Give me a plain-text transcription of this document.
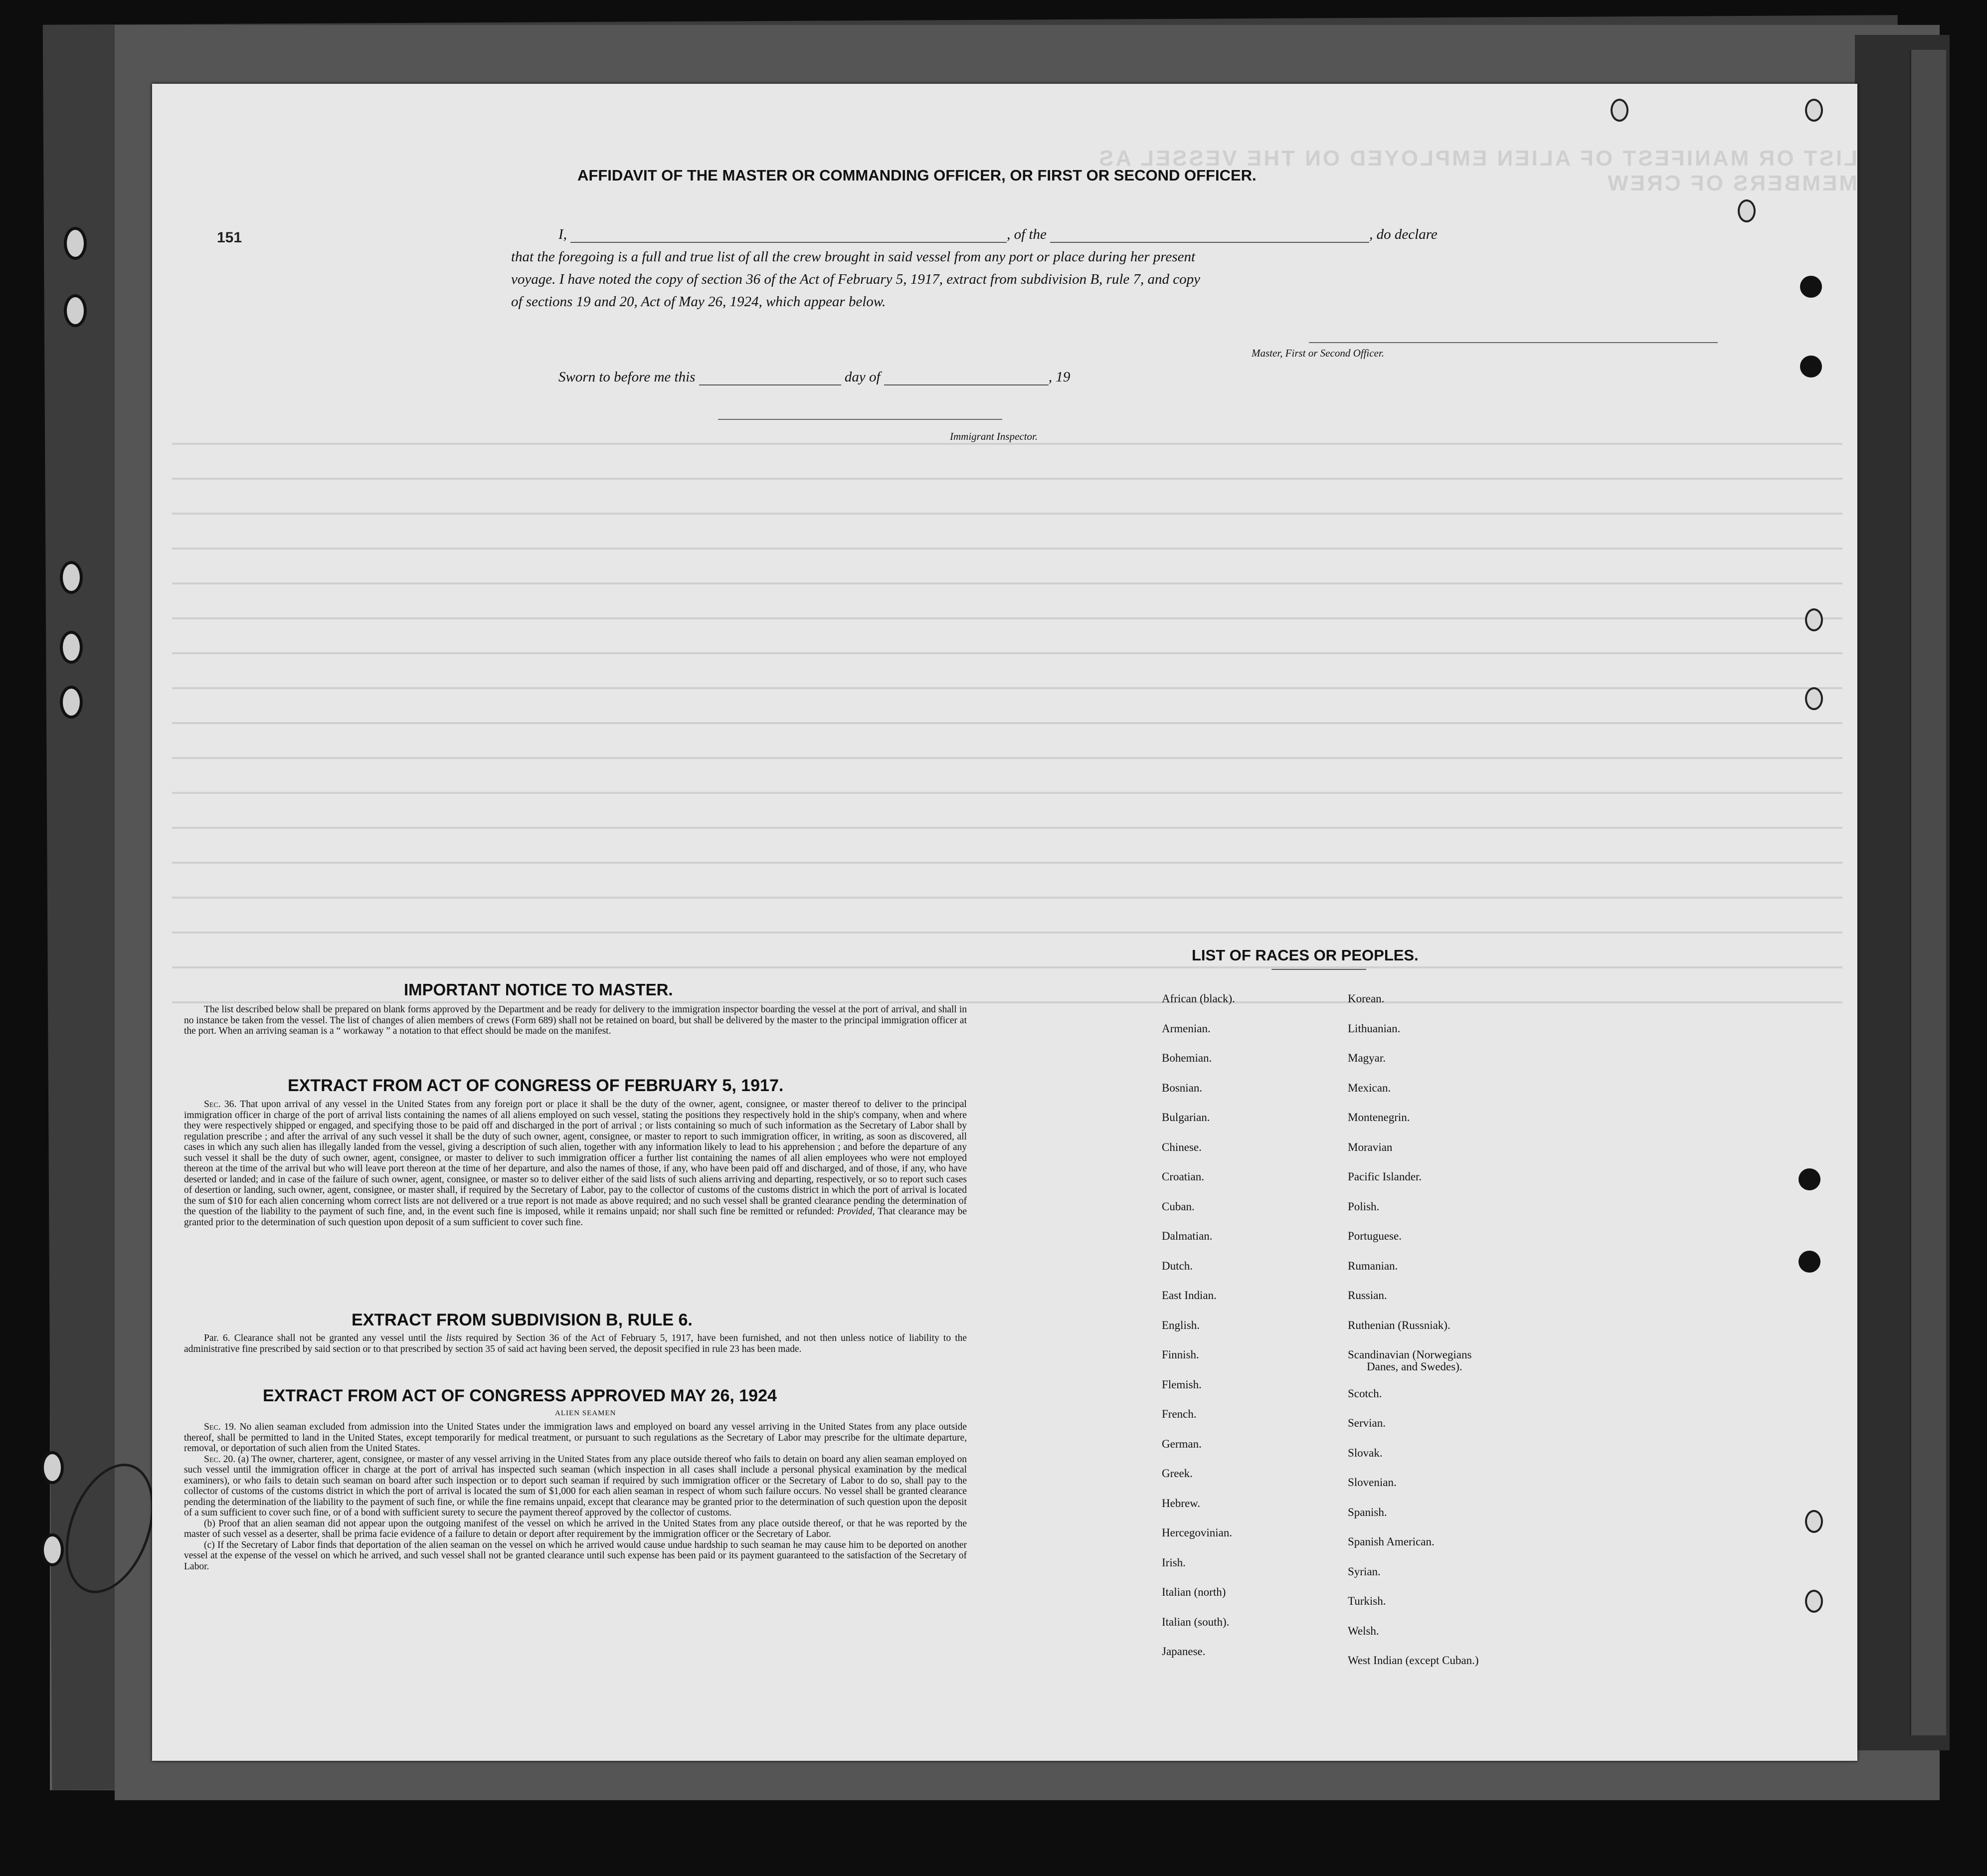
LIST OR MANIFEST OF ALIEN EMPLOYED ON THE VESSEL AS MEMBERS OF CREW
151
AFFIDAVIT OF THE MASTER OR COMMANDING OFFICER, OR FIRST OR SECOND OFFICER.
I,	, of the	, do declare
that the foregoing is a full and true list of all the crew brought in said vessel from any port or place during her present
voyage. I have noted the copy of section 36 of the Act of February 5, 1917, extract from subdivision B, rule 7, and copy
of sections 19 and 20, Act of May 26, 1924, which appear below.
Master, First or Second Officer.
Sworn to before me this	day of	, 19
Immigrant Inspector.
IMPORTANT NOTICE TO MASTER.

The list described below shall be prepared on blank forms approved by the Department and be ready for delivery to the immigration inspector boarding the vessel at the port of arrival, and shall in no instance be taken from the vessel. The list of changes of alien members of crews (Form 689) shall not be retained on board, but shall be delivered by the master to the principal immigration officer at the port. When an arriving seaman is a “ workaway ” a notation to that effect should be made on the manifest.

EXTRACT FROM ACT OF CONGRESS OF FEBRUARY 5, 1917.

Sec. 36. That upon arrival of any vessel in the United States from any foreign port or place it shall be the duty of the owner, agent, consignee, or master thereof to deliver to the principal immigration officer in charge of the port of arrival lists containing the names of all aliens employed on such vessel, stating the positions they respectively hold in the ship's company, when and where they were respectively shipped or engaged, and specifying those to be paid off and discharged in the port of arrival ; or lists containing so much of such information as the Secretary of Labor shall by regulation prescribe ; and after the arrival of any such vessel it shall be the duty of such owner, agent, consignee, or master to report to such immigration officer, in writing, as soon as discovered, all cases in which any such alien has illegally landed from the vessel, giving a description of such alien, together with any information likely to lead to his apprehension ; and before the departure of any such vessel it shall be the duty of such owner, agent, consignee, or master to deliver to such immigration officer a further list containing the names of all alien employees who were not employed thereon at the time of the arrival but who will leave port thereon at the time of her departure, and also the names of those, if any, who have been paid off and discharged, and of those, if any, who have deserted or landed; and in case of the failure of such owner, agent, consignee, or master so to deliver either of the said lists of such aliens arriving and departing, respectively, or so to report such cases of desertion or landing, such owner, agent, consignee, or master shall, if required by the Secretary of Labor, pay to the collector of customs of the customs district in which the port of arrival is located the sum of $10 for each alien concerning whom correct lists are not delivered or a true report is not made as above required; and no such vessel shall be granted clearance pending the determination of the question of the liability to the payment of such fine, and, in the event such fine is imposed, while it remains unpaid; nor shall such fine be remitted or refunded: Provided, That clearance may be granted prior to the determination of such question upon deposit of a sum sufficient to cover such fine.

EXTRACT FROM SUBDIVISION B, RULE 6.

Par. 6. Clearance shall not be granted any vessel until the lists required by Section 36 of the Act of February 5, 1917, have been furnished, and not then unless notice of liability to the administrative fine prescribed by said section or to that prescribed by section 35 of said act having been served, the deposit specified in rule 23 has been made.

EXTRACT FROM ACT OF CONGRESS APPROVED MAY 26, 1924
ALIEN SEAMEN

Sec. 19. No alien seaman excluded from admission into the United States under the immigration laws and employed on board any vessel arriving in the United States from any place outside thereof, shall be permitted to land in the United States, except temporarily for medical treatment, or pursuant to such regulations as the Secretary of Labor may prescribe for the ultimate departure, removal, or deportation of such alien from the United States.

Sec. 20. (a) The owner, charterer, agent, consignee, or master of any vessel arriving in the United States from any place outside thereof who fails to detain on board any alien seaman employed on such vessel until the immigration officer in charge at the port of arrival has inspected such seaman (which inspection in all cases shall include a personal physical examination by the medical examiners), or who fails to detain such seaman on board after such inspection or to deport such seaman if required by such immigration officer or the Secretary of Labor to do so, shall pay to the collector of customs of the customs district in which the port of arrival is located the sum of $1,000 for each alien seaman in respect of whom such failure occurs. No vessel shall be granted clearance pending the determination of the liability to the payment of such fine, or while the fine remains unpaid, except that clearance may be granted prior to the determination of such question upon the deposit of a sum sufficient to cover such fine, or of a bond with sufficient surety to secure the payment thereof approved by the collector of customs.

(b) Proof that an alien seaman did not appear upon the outgoing manifest of the vessel on which he arrived in the United States from any place outside thereof, or that he was reported by the master of such vessel as a deserter, shall be prima facie evidence of a failure to detain or deport after requirement by the immigration officer or the Secretary of Labor.

(c) If the Secretary of Labor finds that deportation of the alien seaman on the vessel on which he arrived would cause undue hardship to such seaman he may cause him to be deported on another vessel at the expense of the vessel on which he arrived, and such vessel shall not be granted clearance until such expense has been paid or its payment guaranteed to the satisfaction of the Secretary of Labor.

LIST OF RACES OR PEOPLES.
African (black).
Armenian.
Bohemian.
Bosnian.
Bulgarian.
Chinese.
Croatian.
Cuban.
Dalmatian.
Dutch.
East Indian.
English.
Finnish.
Flemish.
French.
German.
Greek.
Hebrew.
Hercegovinian.
Irish.
Italian (north)
Italian (south).
Japanese.
Korean.
Lithuanian.
Magyar.
Mexican.
Montenegrin.
Moravian
Pacific Islander.
Polish.
Portuguese.
Rumanian.
Russian.
Ruthenian (Russniak).
Scandinavian (Norwegians
Danes, and Swedes).
Scotch.
Servian.
Slovak.
Slovenian.
Spanish.
Spanish American.
Syrian.
Turkish.
Welsh.
West Indian (except Cuban.)
